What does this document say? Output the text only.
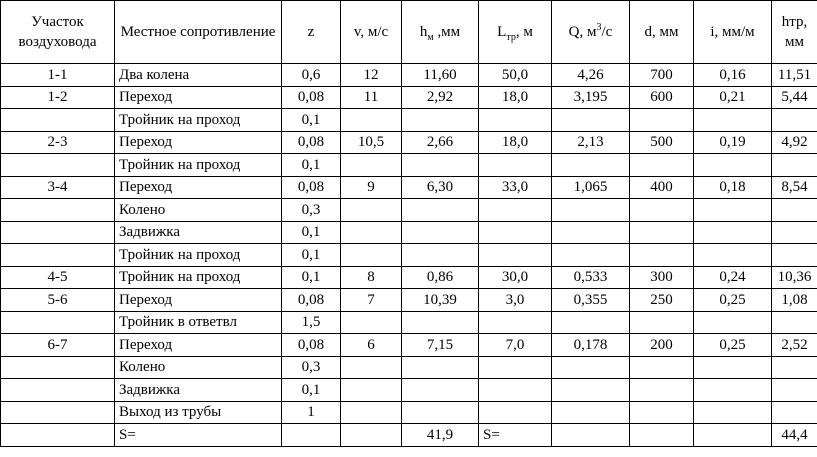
Участок воздуховода	Местное сопротивление	z	v, м/с	$h_м$ ,мм	$L_{тр}$, м	Q, $м^3/с$	d, мм	i, мм/м	hтр, мм
1-1	Два колена	0,6	12	11,60	50,0	4,26	700	0,16	11,51
1-2	Переход	0,08	11	2,92	18,0	3,195	600	0,21	5,44
	Тройник на проход	0,1							
2-3	Переход	0,08	10,5	2,66	18,0	2,13	500	0,19	4,92
	Тройник на проход	0,1							
3-4	Переход	0,08	9	6,30	33,0	1,065	400	0,18	8,54
	Колено	0,3							
	Задвижка	0,1							
	Тройник на проход	0,1							
4-5	Тройник на проход	0,1	8	0,86	30,0	0,533	300	0,24	10,36
5-6	Переход	0,08	7	10,39	3,0	0,355	250	0,25	1,08
	Тройник в ответвл	1,5							
6-7	Переход	0,08	6	7,15	7,0	0,178	200	0,25	2,52
	Колено	0,3							
	Задвижка	0,1							
	Выход из трубы	1							
	S=			41,9	S=				44,4
